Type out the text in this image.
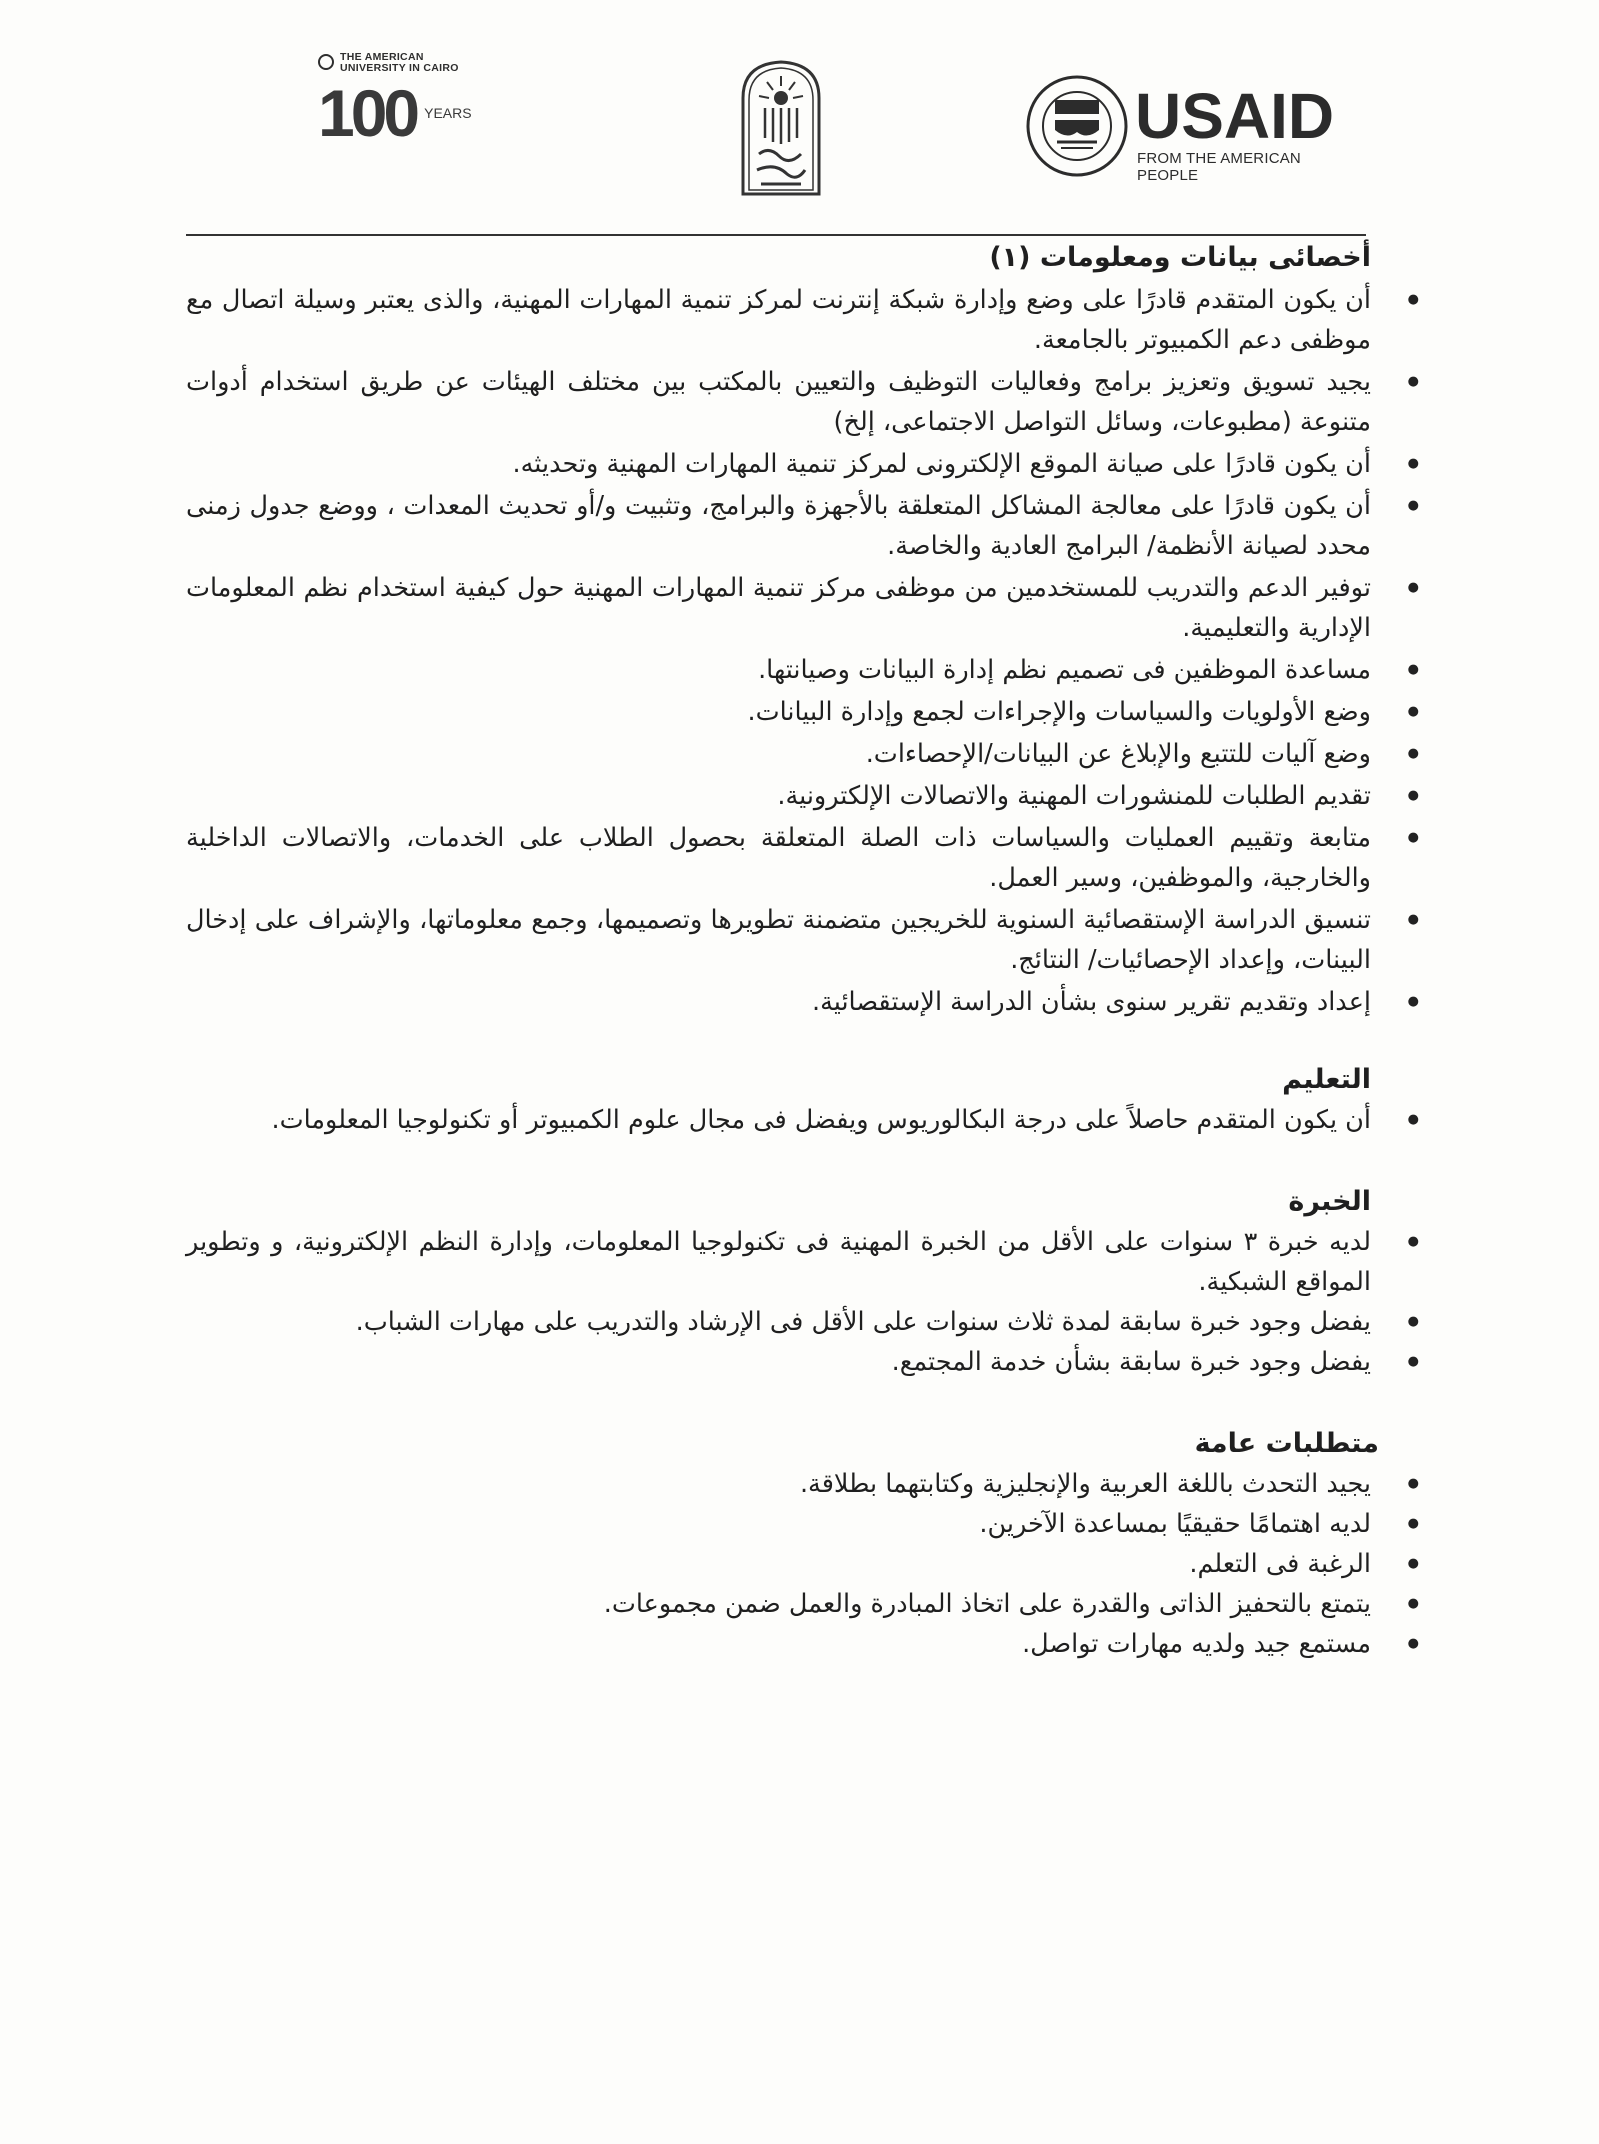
THE AMERICAN
UNIVERSITY IN CAIRO
100 YEARS	USAID
FROM THE AMERICAN PEOPLE
أخصائى بيانات ومعلومات (١)
● أن يكون المتقدم قادرًا على وضع وإدارة شبكة إنترنت لمركز تنمية المهارات المهنية، والذى يعتبر وسيلة اتصال مع موظفى دعم الكمبيوتر بالجامعة.
● يجيد تسويق وتعزيز برامج وفعاليات التوظيف والتعيين بالمكتب بين مختلف الهيئات عن طريق استخدام أدوات متنوعة (مطبوعات، وسائل التواصل الاجتماعى، إلخ)
● أن يكون قادرًا على صيانة الموقع الإلكترونى لمركز تنمية المهارات المهنية وتحديثه.
● أن يكون قادرًا على معالجة المشاكل المتعلقة بالأجهزة والبرامج، وتثبيت و/أو تحديث المعدات ، ووضع جدول زمنى محدد لصيانة الأنظمة/ البرامج العادية والخاصة.
● توفير الدعم والتدريب للمستخدمين من موظفى مركز تنمية المهارات المهنية حول كيفية استخدام نظم المعلومات الإدارية والتعليمية.
● مساعدة الموظفين فى تصميم نظم إدارة البيانات وصيانتها.
● وضع الأولويات والسياسات والإجراءات لجمع وإدارة البيانات.
● وضع آليات للتتبع والإبلاغ عن البيانات/الإحصاءات.
● تقديم الطلبات للمنشورات المهنية والاتصالات الإلكترونية.
● متابعة وتقييم العمليات والسياسات ذات الصلة المتعلقة بحصول الطلاب على الخدمات، والاتصالات الداخلية والخارجية، والموظفين، وسير العمل.
● تنسيق الدراسة الإستقصائية السنوية للخريجين متضمنة تطويرها وتصميمها، وجمع معلوماتها، والإشراف على إدخال البينات، وإعداد الإحصائيات/ النتائج.
● إعداد وتقديم تقرير سنوى بشأن الدراسة الإستقصائية.
التعليم
● أن يكون المتقدم حاصلاً على درجة البكالوريوس ويفضل فى مجال علوم الكمبيوتر أو تكنولوجيا المعلومات.
الخبرة
● لديه خبرة ٣ سنوات على الأقل من الخبرة المهنية فى تكنولوجيا المعلومات، وإدارة النظم الإلكترونية، و وتطوير المواقع الشبكية.
● يفضل وجود خبرة سابقة لمدة ثلاث سنوات على الأقل فى الإرشاد والتدريب على مهارات الشباب.
● يفضل وجود خبرة سابقة بشأن خدمة المجتمع.
متطلبات عامة
● يجيد التحدث باللغة العربية والإنجليزية وكتابتهما بطلاقة.
● لديه اهتمامًا حقيقيًا بمساعدة الآخرين.
● الرغبة فى التعلم.
● يتمتع بالتحفيز الذاتى والقدرة على اتخاذ المبادرة والعمل ضمن مجموعات.
● مستمع جيد ولديه مهارات تواصل.
